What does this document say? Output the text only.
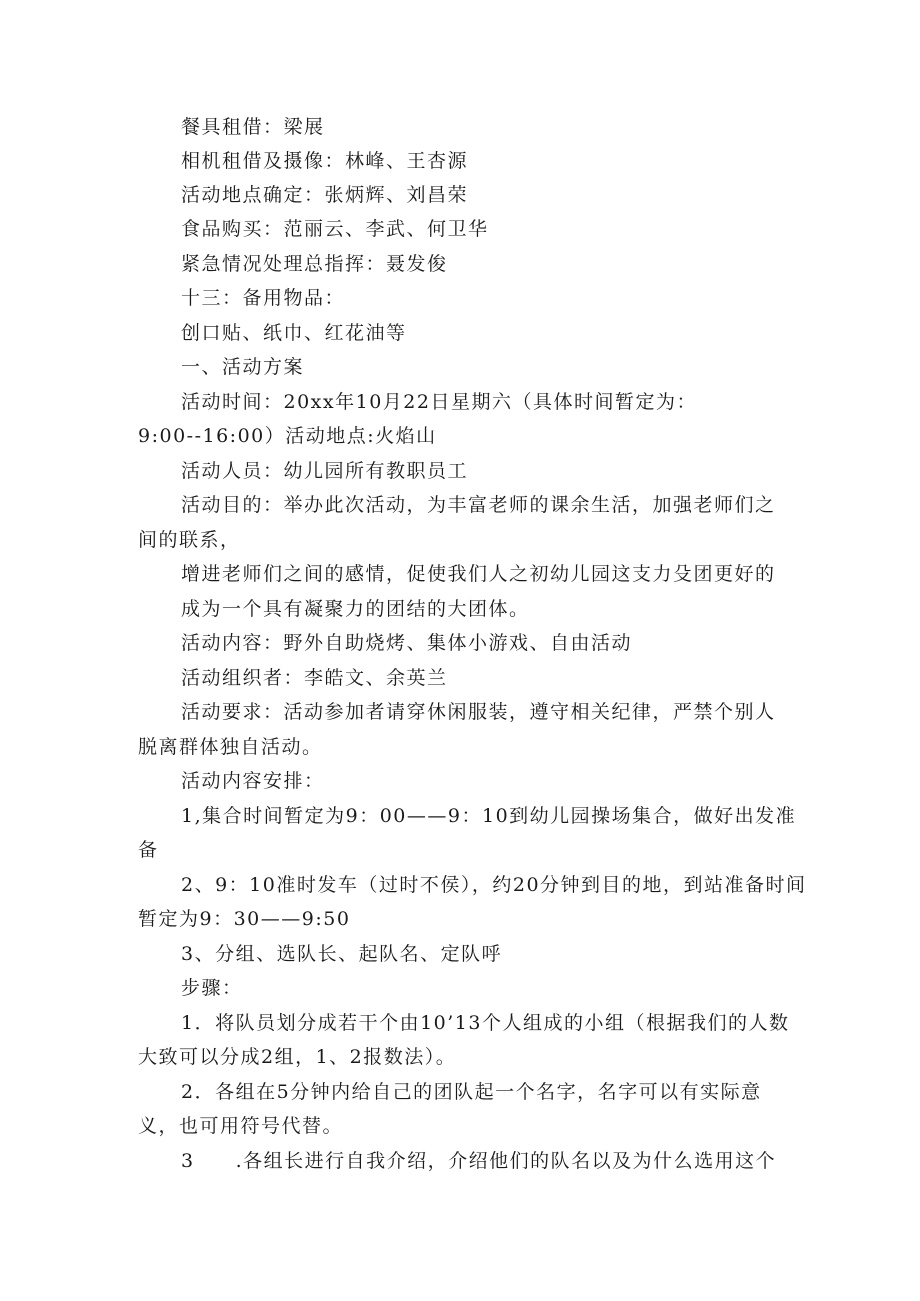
餐具租借：梁展
相机租借及摄像：林峰、王杏源
活动地点确定：张炳辉、刘昌荣
食品购买：范丽云、李武、何卫华
紧急情况处理总指挥：聂发俊
十三：备用物品：
创口贴、纸巾、红花油等
一、活动方案
活动时间：20xx年10月22日星期六（具体时间暂定为：
9:00--16:00）活动地点:火焰山
活动人员：幼儿园所有教职员工
活动目的：举办此次活动，为丰富老师的课余生活，加强老师们之
间的联系，
增进老师们之间的感情，促使我们人之初幼儿园这支力殳团更好的
成为一个具有凝聚力的团结的大团体。
活动内容：野外自助烧烤、集体小游戏、自由活动
活动组织者：李皓文、余英兰
活动要求：活动参加者请穿休闲服装，遵守相关纪律，严禁个别人
脱离群体独自活动。
活动内容安排：
1,集合时间暂定为9：00——9：10到幼儿园操场集合，做好出发准
备
2、9：10准时发车（过时不侯），约20分钟到目的地，到站准备时间
暂定为9：30——9:50
3、分组、选队长、起队名、定队呼
步骤：
1．将队员划分成若干个由10’13个人组成的小组（根据我们的人数
大致可以分成2组，1、2报数法）。
2．各组在5分钟内给自己的团队起一个名字，名字可以有实际意
义，也可用符号代替。
3　　.各组长进行自我介绍，介绍他们的队名以及为什么选用这个
